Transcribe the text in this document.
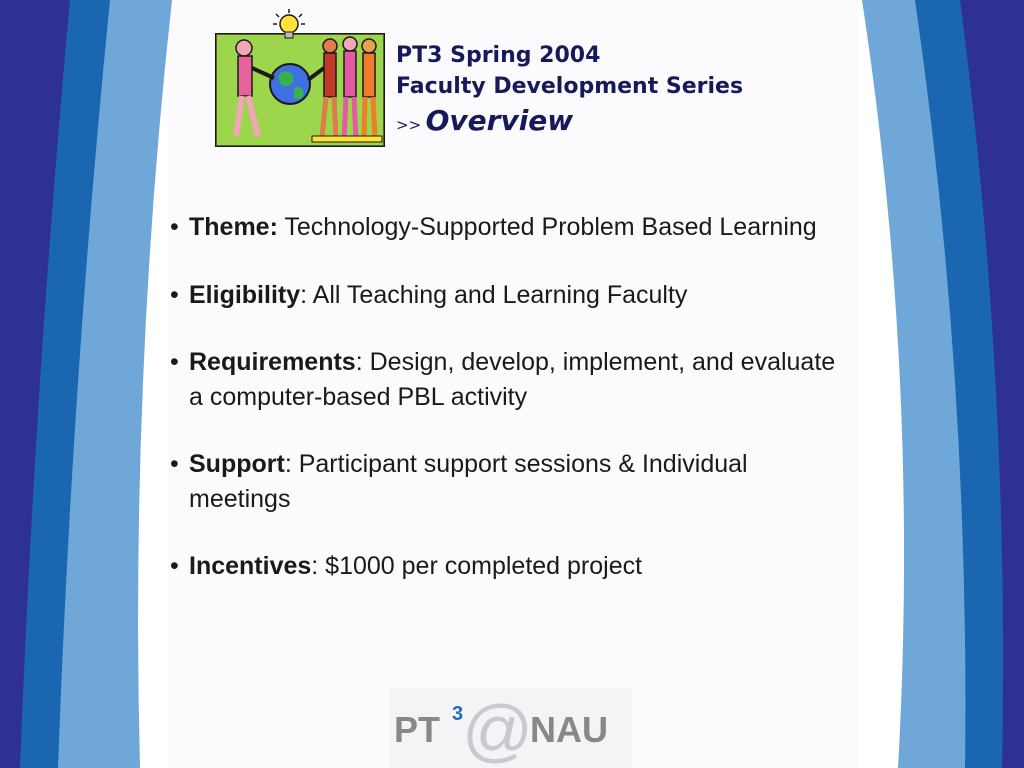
PT3 Spring 2004
Faculty Development Series
>> Overview
• Theme: Technology-Supported Problem Based Learning
• Eligibility: All Teaching and Learning Faculty
• Requirements: Design, develop, implement, and evaluate a computer-based PBL activity
• Support: Participant support sessions & Individual meetings
• Incentives: $1000 per completed project
PT 3
@
NAU
